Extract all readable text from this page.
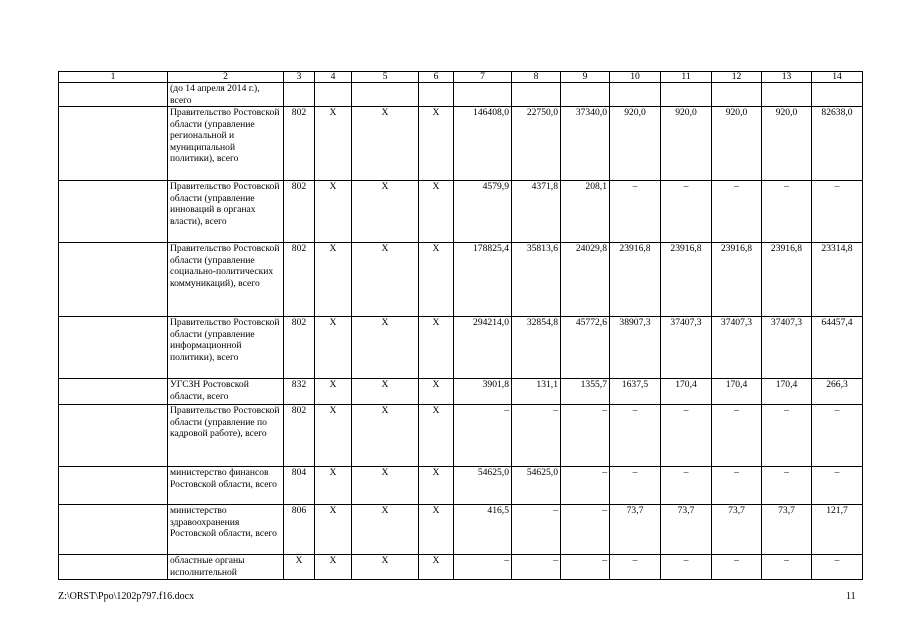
1	2	3	4	5	6	7	8	9	10	11	12	13	14
	(до 14 апреля 2014 г.), всего												
	Правительство Ростовской области (управление региональной и муниципальной политики), всего	802	Х	Х	Х	146408,0	22750,0	37340,0	920,0	920,0	920,0	920,0	82638,0
	Правительство Ростовской области (управление инноваций в органах власти), всего	802	Х	Х	Х	4579,9	4371,8	208,1	–	–	–	–	–
	Правительство Ростовской области (управление социально-политических коммуникаций), всего	802	Х	Х	Х	178825,4	35813,6	24029,8	23916,8	23916,8	23916,8	23916,8	23314,8
	Правительство Ростовской области (управление информационной политики), всего	802	Х	Х	Х	294214,0	32854,8	45772,6	38907,3	37407,3	37407,3	37407,3	64457,4
	УГСЗН Ростовской области, всего	832	Х	Х	Х	3901,8	131,1	1355,7	1637,5	170,4	170,4	170,4	266,3
	Правительство Ростовской области (управление по кадровой работе), всего	802	Х	Х	Х	–	–	–	–	–	–	–	–
	министерство финансов Ростовской области, всего	804	Х	Х	Х	54625,0	54625,0	–	–	–	–	–	–
	министерство здравоохранения Ростовской области, всего	806	Х	Х	Х	416,5	–	–	73,7	73,7	73,7	73,7	121,7
	областные органы исполнительной	Х	Х	Х	Х	–	–	–	–	–	–	–	–
Z:\ORST\Ppo\1202p797.f16.docx	11
